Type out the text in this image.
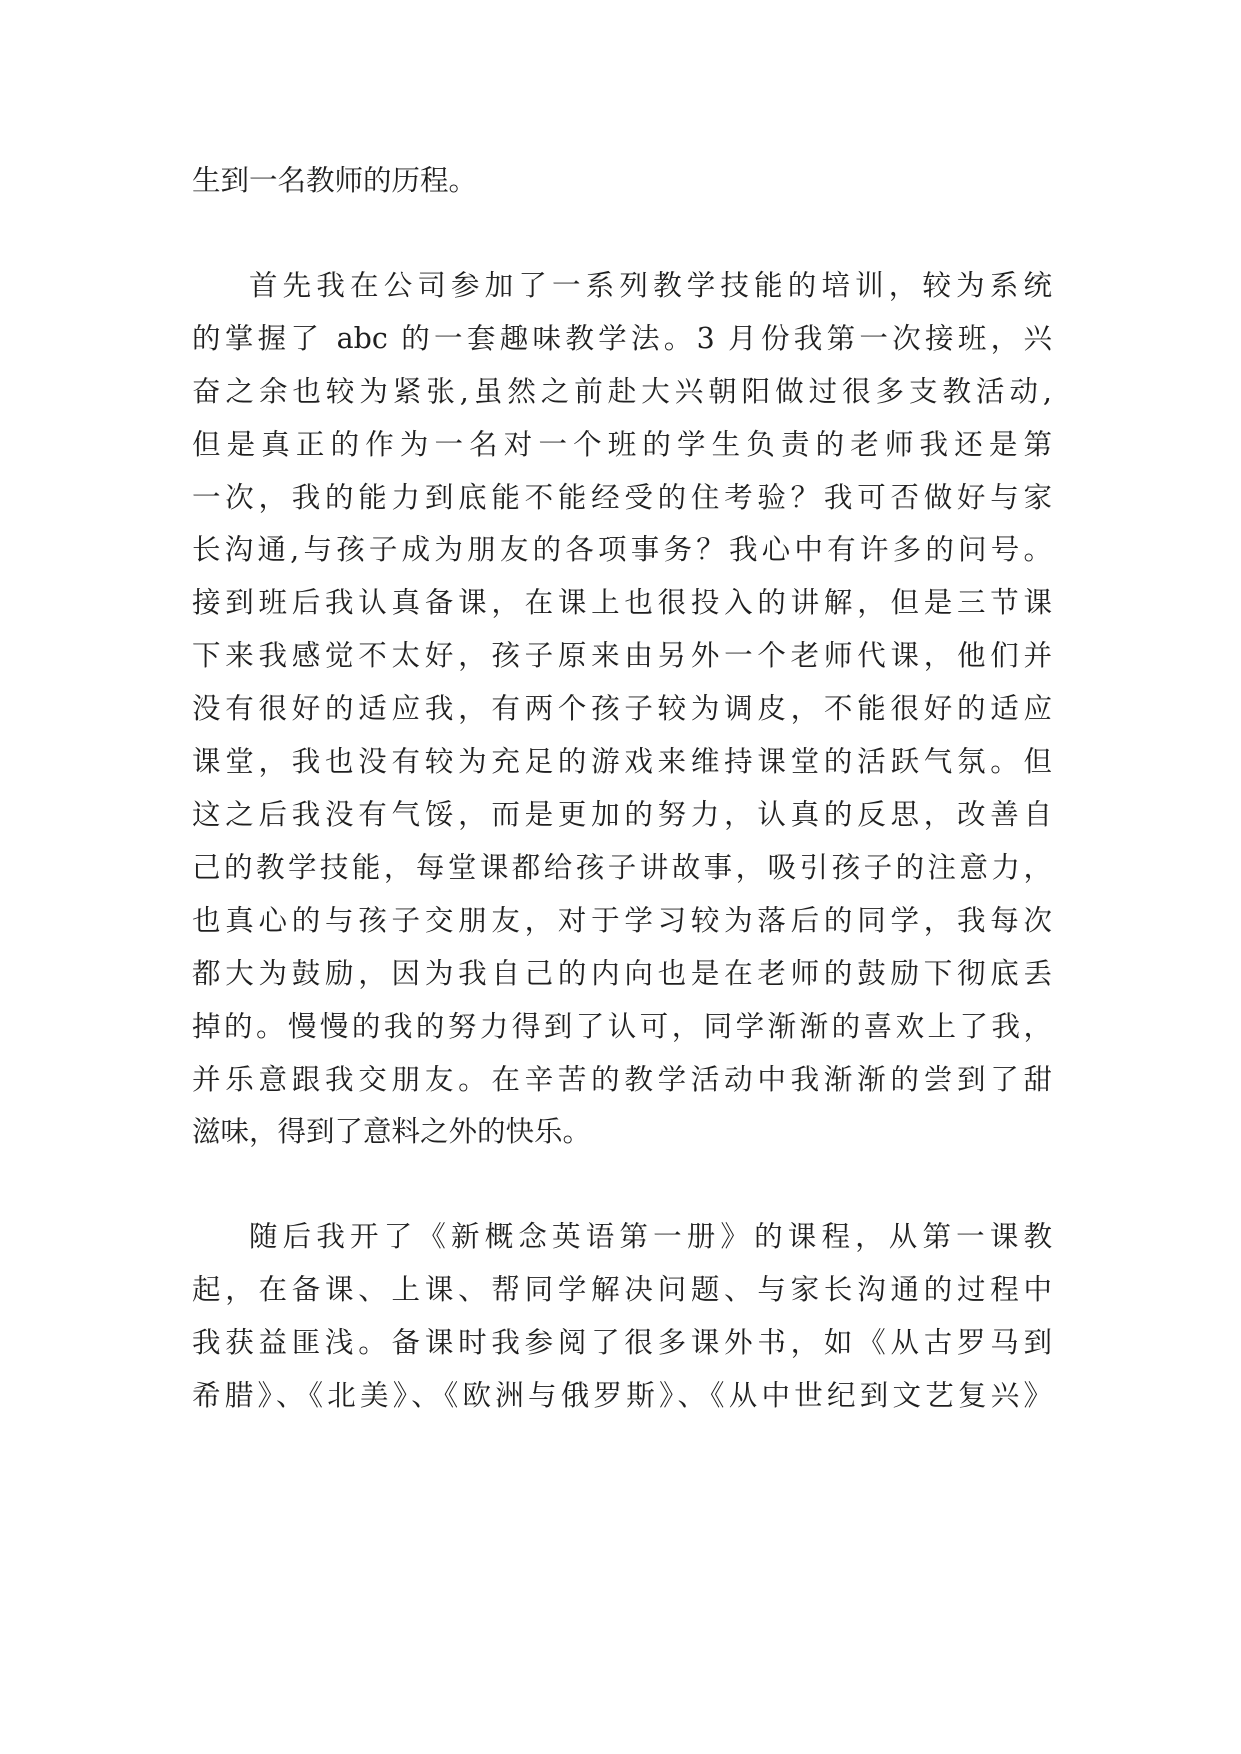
生到一名教师的历程。
首先我在公司参加了一系列教学技能的培训，较为系统
的掌握了 abc 的一套趣味教学法。3 月份我第一次接班，兴
奋之余也较为紧张,虽然之前赴大兴朝阳做过很多支教活动,
但是真正的作为一名对一个班的学生负责的老师我还是第
一次，我的能力到底能不能经受的住考验？我可否做好与家
长沟通,与孩子成为朋友的各项事务？我心中有许多的问号。
接到班后我认真备课，在课上也很投入的讲解，但是三节课
下来我感觉不太好，孩子原来由另外一个老师代课，他们并
没有很好的适应我，有两个孩子较为调皮，不能很好的适应
课堂，我也没有较为充足的游戏来维持课堂的活跃气氛。但
这之后我没有气馁，而是更加的努力，认真的反思，改善自
己的教学技能，每堂课都给孩子讲故事，吸引孩子的注意力，
也真心的与孩子交朋友，对于学习较为落后的同学，我每次
都大为鼓励，因为我自己的内向也是在老师的鼓励下彻底丢
掉的。慢慢的我的努力得到了认可，同学渐渐的喜欢上了我，
并乐意跟我交朋友。在辛苦的教学活动中我渐渐的尝到了甜
滋味，得到了意料之外的快乐。
随后我开了《新概念英语第一册》的课程，从第一课教
起，在备课、上课、帮同学解决问题、与家长沟通的过程中
我获益匪浅。备课时我参阅了很多课外书，如《从古罗马到
希腊》、《北美》、《欧洲与俄罗斯》、《从中世纪到文艺复兴》
